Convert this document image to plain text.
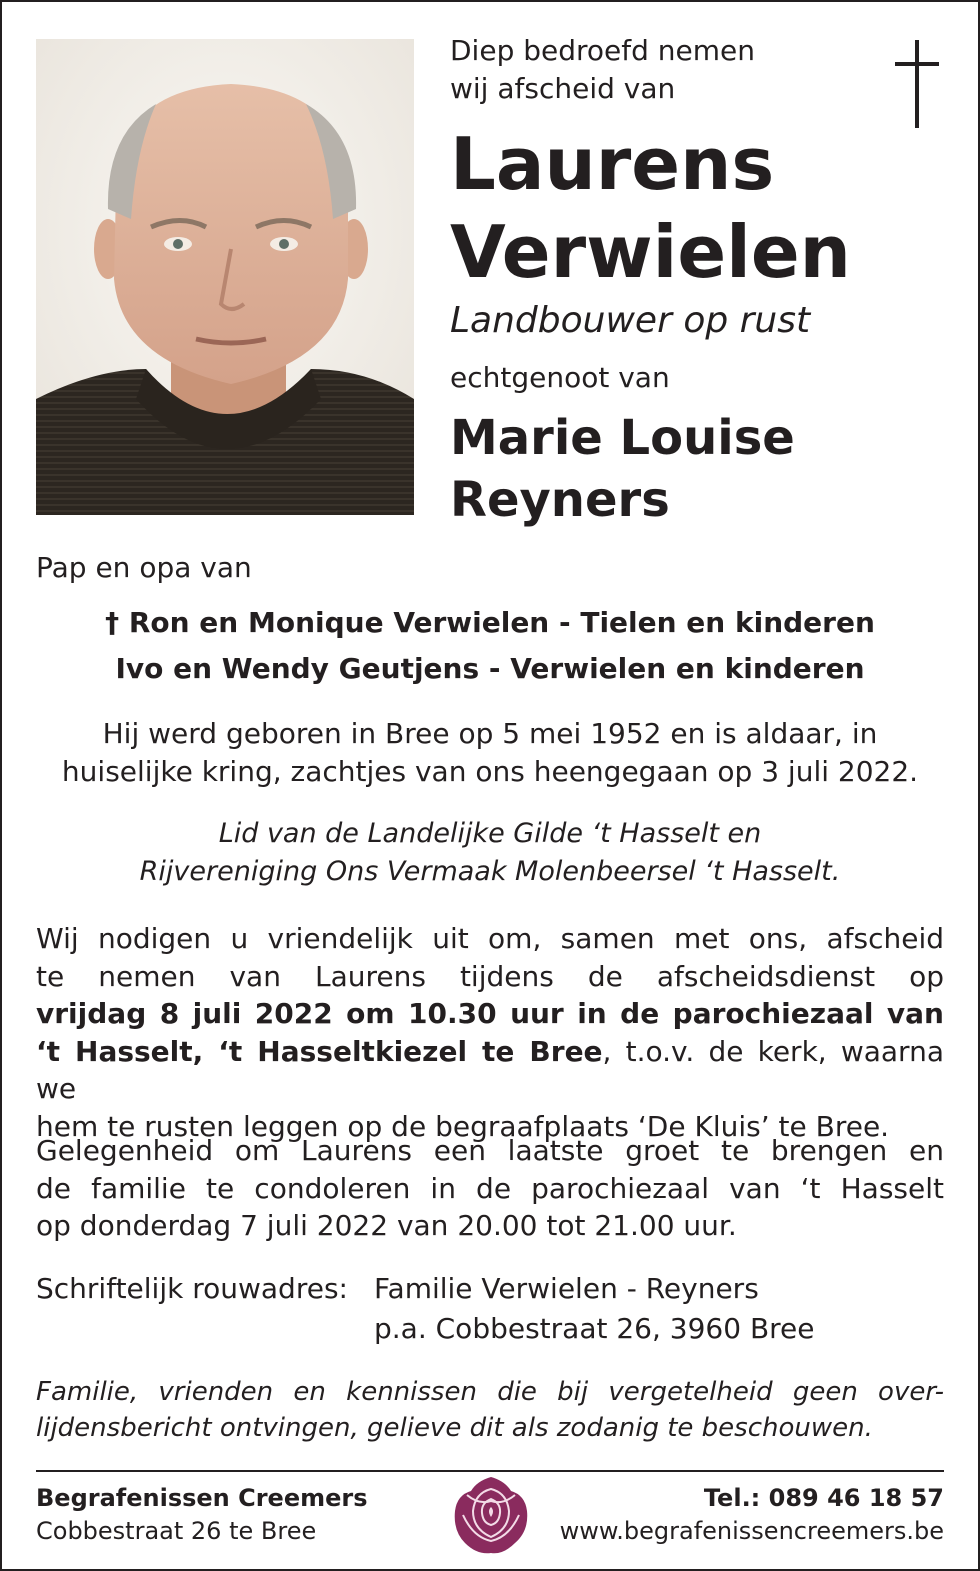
Diep bedroefd nemen
wij afscheid van
Laurens
Verwielen
Landbouwer op rust
echtgenoot van
Marie Louise
Reyners
Pap en opa van
† Ron en Monique Verwielen - Tielen en kinderen
Ivo en Wendy Geutjens - Verwielen en kinderen
Hij werd geboren in Bree op 5 mei 1952 en is aldaar, in
huiselijke kring, zachtjes van ons heengegaan op 3 juli 2022.
Lid van de Landelijke Gilde ‘t Hasselt en
Rijvereniging Ons Vermaak Molenbeersel ‘t Hasselt.
Wij nodigen u vriendelijk uit om, samen met ons, afscheid
te nemen van Laurens tijdens de afscheidsdienst op
vrijdag 8 juli 2022 om 10.30 uur in de parochiezaal van
‘t Hasselt, ‘t Hasseltkiezel te Bree, t.o.v. de kerk, waarna we
hem te rusten leggen op de begraafplaats ‘De Kluis’ te Bree.
Gelegenheid om Laurens een laatste groet te brengen en
de familie te condoleren in de parochiezaal van ‘t Hasselt
op donderdag 7 juli 2022 van 20.00 tot 21.00 uur.
Schriftelijk rouwadres: Familie Verwielen - Reyners
p.a. Cobbestraat 26, 3960 Bree
Familie, vrienden en kennissen die bij vergetelheid geen over-
lijdensbericht ontvingen, gelieve dit als zodanig te beschouwen.
Begrafenissen Creemers
Cobbestraat 26 te Bree
Tel.: 089 46 18 57
www.begrafenissencreemers.be
